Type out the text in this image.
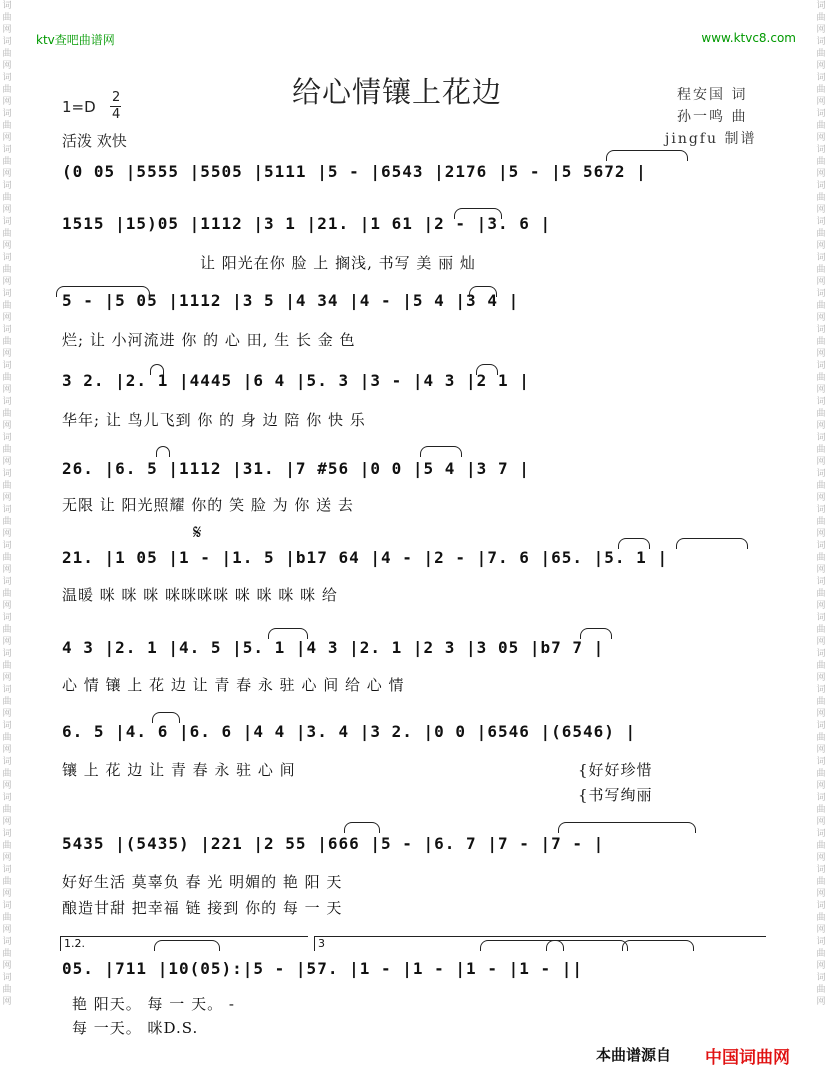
词曲网词曲网词曲网词曲网词曲网词曲网词曲网词曲网词曲网词曲网词曲网词曲网词曲网词曲网词曲网词曲网词曲网词曲网词曲网词曲网词曲网词曲网词曲网词曲网词曲网词曲网词曲网词曲网
词曲网词曲网词曲网词曲网词曲网词曲网词曲网词曲网词曲网词曲网词曲网词曲网词曲网词曲网词曲网词曲网词曲网词曲网词曲网词曲网词曲网词曲网词曲网词曲网词曲网词曲网词曲网词曲网
ktv查吧曲谱网	www.ktvc8.com
给心情镶上花边
1=D
2
4
活泼 欢快
程安国 词
孙一鸣 曲
jingfu 制谱
(0 05 |5555 |5505 |5111 |5 - |6543 |2176 |5 - |5 5672 |
1515 |15)05 |1112 |3 1 |21. |1 61 |2 - |3. 6 |
让 阳光在你 脸 上 搁浅, 书写 美 丽 灿
5 - |5 05 |1112 |3 5 |4 34 |4 - |5 4 |3 4 |
烂; 让 小河流进 你 的 心 田, 生 长 金 色
3 2. |2. 1 |4445 |6 4 |5. 3 |3 - |4 3 |2 1 |
华年; 让 鸟儿飞到 你 的 身 边 陪 你 快 乐
26. |6. 5 |1112 |31. |7 #56 |0 0 |5 4 |3 7 |
无限 让 阳光照耀 你的 笑 脸 为 你 送 去
21. |1 05 |1 - |1. 5 |b17 64 |4 - |2 - |7. 6 |65. |5. 1 |
温暖 咪 咪 咪 咪咪咪咪 咪 咪 咪 咪 给
4 3 |2. 1 |4. 5 |5. 1 |4 3 |2. 1 |2 3 |3 05 |b7 7 |
心 情 镶 上 花 边 让 青 春 永 驻 心 间 给 心 情
6. 5 |4. 6 |6. 6 |4 4 |3. 4 |3 2. |0 0 |6546 |(6546) |
镶 上 花 边 让 青 春 永 驻 心 间	{好好珍惜
{书写绚丽
5435 |(5435) |221 |2 55 |666 |5 - |6. 7 |7 - |7 - |
好好生活 莫辜负 春 光 明媚的 艳 阳 天
酿造甘甜 把幸福 链 接到 你的 每 一 天
05. |711 |10(05):|5 - |57. |1 - |1 - |1 - |1 - ||
艳 阳天。 每 一 天。 -
每 一天。 咪D.S.
𝄋
1.2.	3
本曲谱源自 中国词曲网
